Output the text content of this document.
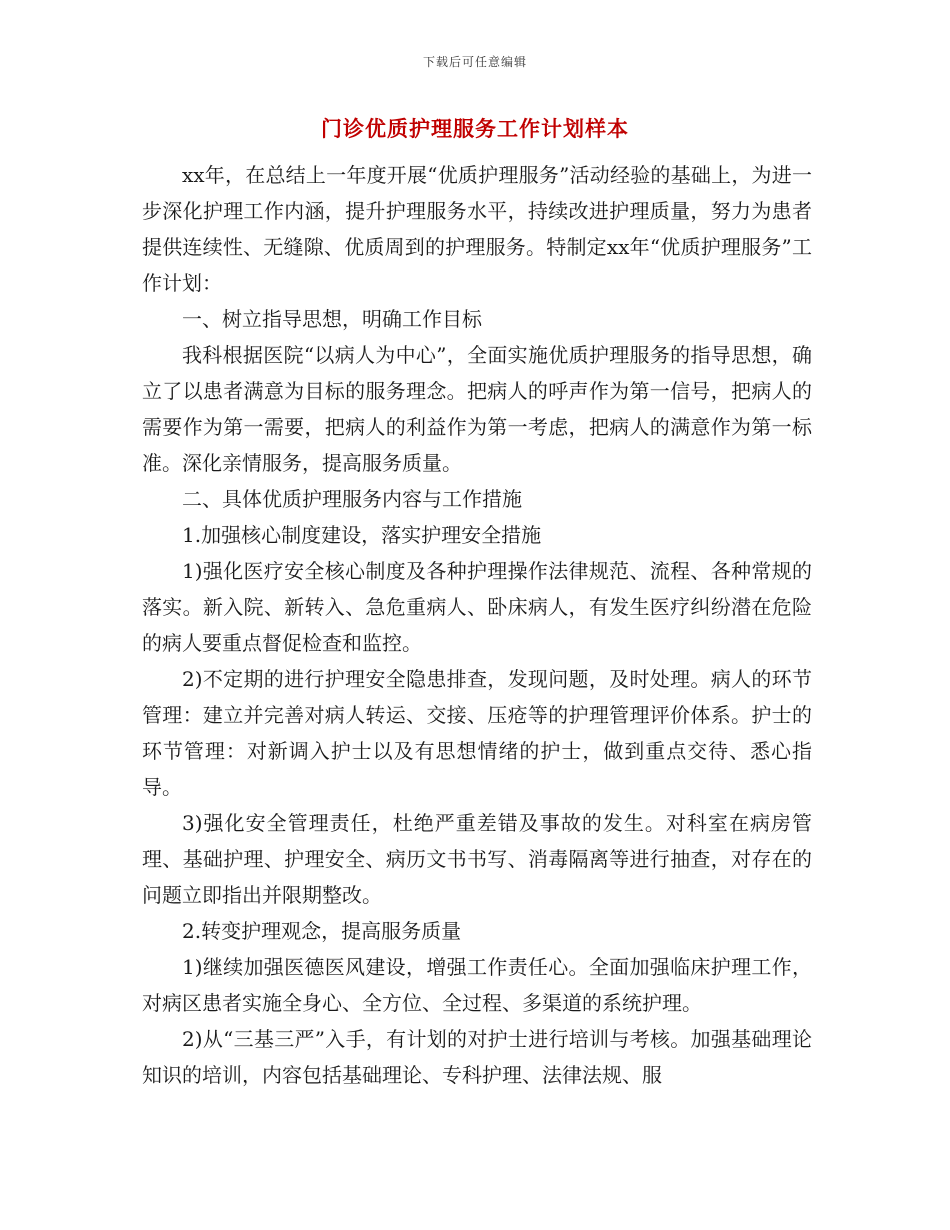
下载后可任意编辑
门诊优质护理服务工作计划样本

xx年，在总结上一年度开展“优质护理服务”活动经验的基础上，为进一步深化护理工作内涵，提升护理服务水平，持续改进护理质量，努力为患者提供连续性、无缝隙、优质周到的护理服务。特制定xx年“优质护理服务”工作计划：

一、树立指导思想，明确工作目标

我科根据医院“以病人为中心”，全面实施优质护理服务的指导思想，确立了以患者满意为目标的服务理念。把病人的呼声作为第一信号，把病人的需要作为第一需要，把病人的利益作为第一考虑，把病人的满意作为第一标准。深化亲情服务，提高服务质量。

二、具体优质护理服务内容与工作措施

1.加强核心制度建设，落实护理安全措施

1)强化医疗安全核心制度及各种护理操作法律规范、流程、各种常规的落实。新入院、新转入、急危重病人、卧床病人，有发生医疗纠纷潜在危险的病人要重点督促检查和监控。

2)不定期的进行护理安全隐患排查，发现问题，及时处理。病人的环节管理：建立并完善对病人转运、交接、压疮等的护理管理评价体系。护士的环节管理：对新调入护士以及有思想情绪的护士，做到重点交待、悉心指导。

3)强化安全管理责任，杜绝严重差错及事故的发生。对科室在病房管理、基础护理、护理安全、病历文书书写、消毒隔离等进行抽查，对存在的问题立即指出并限期整改。

2.转变护理观念，提高服务质量

1)继续加强医德医风建设，增强工作责任心。全面加强临床护理工作，对病区患者实施全身心、全方位、全过程、多渠道的系统护理。

2)从“三基三严”入手，有计划的对护士进行培训与考核。加强基础理论知识的培训，内容包括基础理论、专科护理、法律法规、服
